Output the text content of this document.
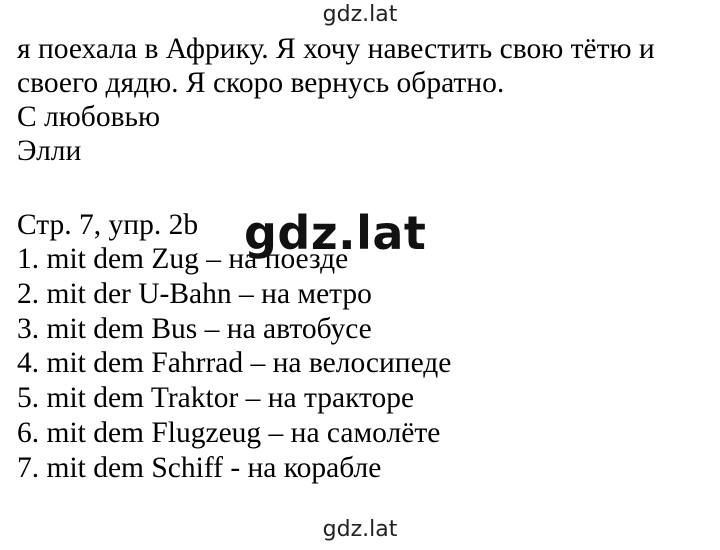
gdz.lat
я поехала в Африку. Я хочу навестить свою тётю и
своего дядю. Я скоро вернусь обратно.
С любовью
Элли
Стр. 7, упр. 2b
1. mit dem Zug – на поезде
2. mit der U-Bahn – на метро
3. mit dem Bus – на автобусе
4. mit dem Fahrrad – на велосипеде
5. mit dem Traktor – на тракторе
6. mit dem Flugzeug – на самолёте
7. mit dem Schiff - на корабле
gdz.lat
gdz.lat
